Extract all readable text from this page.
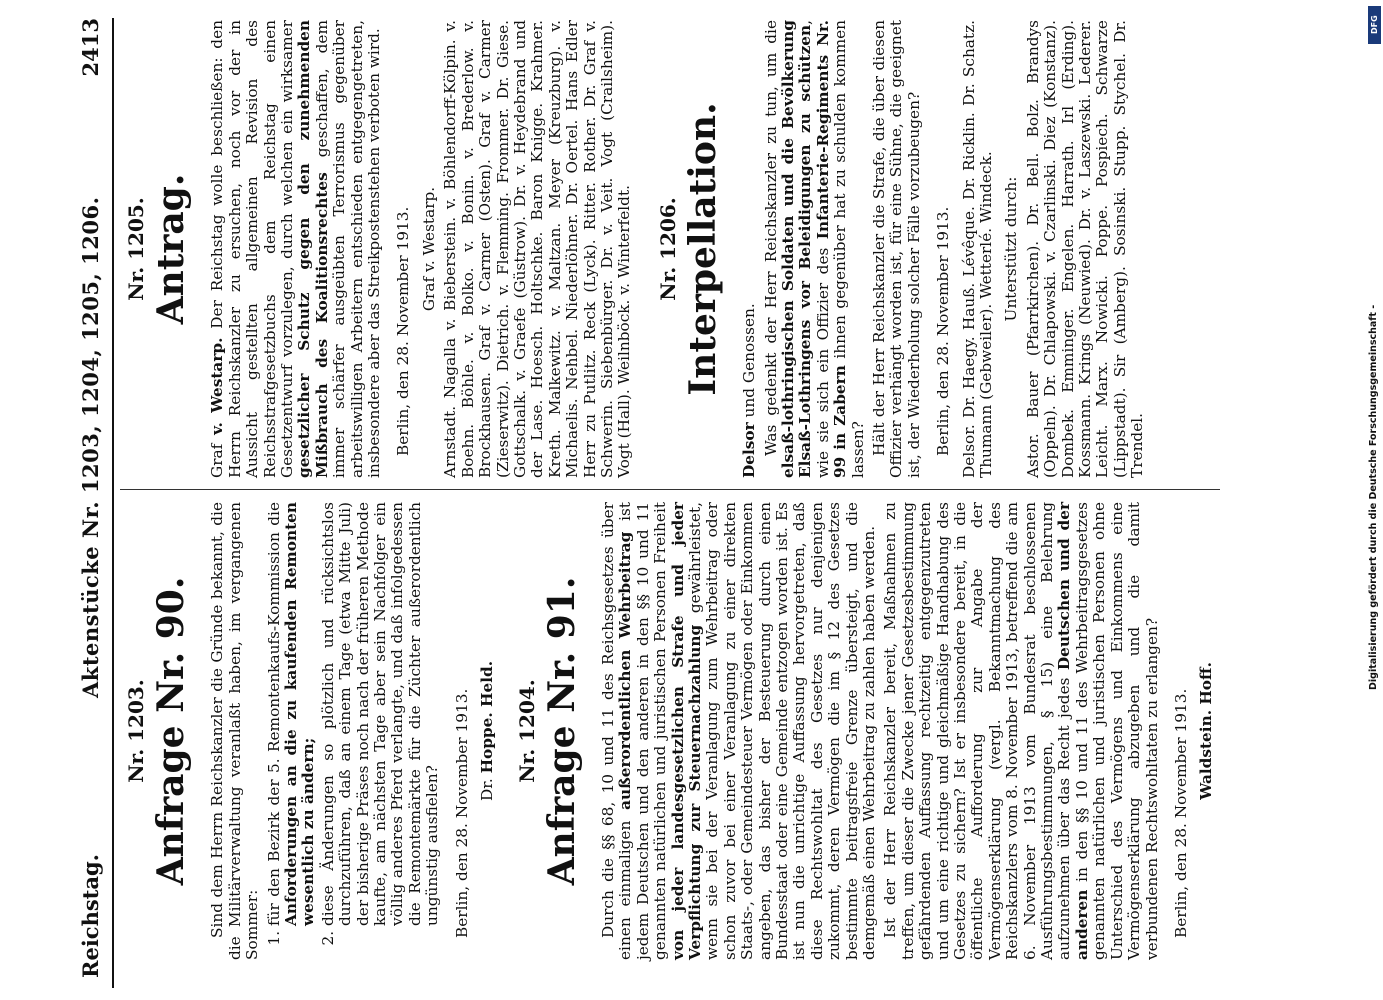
Reichstag.
Aktenstücke Nr. 1203, 1204, 1205, 1206.
2413
Nr. 1203. Anfrage Nr. 90. Sind dem Herrn Reichskanzler die Gründe bekannt, die die Militärverwaltung veranlaßt haben, im vergangenen Sommer: 1. für den Bezirk der 5. Remontenkaufs-Kommission die Anforderungen an die zu kaufenden Remonten wesentlich zu ändern; 2. diese Änderungen so plötzlich und rücksichtslos durchzuführen, daß an einem Tage (etwa Mitte Juli) der bisherige Präses noch nach der früheren Methode kaufte, am nächsten Tage aber sein Nachfolger ein völlig anderes Pferd verlangte, und daß infolgedessen die Remontemärkte für die Züchter außerordentlich ungünstig ausfielen? Berlin, den 28. November 1913. Dr. Hoppe. Held. Nr. 1204. Anfrage Nr. 91. Durch die §§ 68, 10 und 11 des Reichsgesetzes über einen einmaligen außerordentlichen Wehrbeitrag ist jedem Deutschen und den anderen in den §§ 10 und 11 genannten natürlichen und juristischen Personen Freiheit von jeder landesgesetzlichen Strafe und jeder Verpflichtung zur Steuernachzahlung gewährleistet, wenn sie bei der Veranlagung zum Wehrbeitrag oder schon zuvor bei einer Veranlagung zu einer direkten Staats-, oder Gemeindesteuer Vermögen oder Einkommen angeben, das bisher der Besteuerung durch einen Bundesstaat oder eine Gemeinde entzogen worden ist. Es ist nun die unrichtige Auffassung hervorgetreten, daß diese Rechtswohltat des Gesetzes nur denjenigen zukommt, deren Vermögen die im § 12 des Gesetzes bestimmte beitragsfreie Grenze übersteigt, und die demgemäß einen Wehrbeitrag zu zahlen haben werden. Ist der Herr Reichskanzler bereit, Maßnahmen zu treffen, um dieser die Zwecke jener Gesetzesbestimmung gefährdenden Auffassung rechtzeitig entgegenzutreten und um eine richtige und gleichmäßige Handhabung des Gesetzes zu sichern? Ist er insbesondere bereit, in die öffentliche Aufforderung zur Angabe der Vermögenserklärung (vergl. Bekanntmachung des Reichskanzlers vom 8. November 1913, betreffend die am 6. November 1913 vom Bundesrat beschlossenen Ausführungsbestimmungen, § 15) eine Belehrung aufzunehmen über das Recht jedes Deutschen und der anderen in den §§ 10 und 11 des Wehrbeitragsgesetzes genannten natürlichen und juristischen Personen ohne Unterschied des Vermögens und Einkommens eine Vermögenserklärung abzugeben und die damit verbundenen Rechtswohltaten zu erlangen? Berlin, den 28. November 1913. Waldstein. Hoff.

Nr. 1205. Antrag.

Graf v. Westarp. Der Reichstag wolle beschließen: den Herrn Reichskanzler zu ersuchen, noch vor der in Aussicht gestellten allgemeinen Revision des Reichsstrafgesetzbuchs dem Reichstag einen Gesetzentwurf vorzulegen, durch welchen ein wirksamer gesetzlicher Schutz gegen den zunehmenden Mißbrauch des Koalitionsrechtes geschaffen, dem immer schärfer ausgeübten Terrorismus gegenüber arbeitswilligen Arbeitern entschieden entgegengetreten, insbesondere aber das Streikpostenstehen verboten wird. Berlin, den 28. November 1913. Graf v. Westarp. Arnstadt. Nagalla v. Bieberstein. v. Böhlendorff-Kölpin. v. Boehn. Böhle. v. Bolko. v. Bonin. v. Brederlow. v. Brockhausen. Graf v. Carmer (Osten). Graf v. Carmer (Zieserwitz). Dietrich. v. Flemming. Frommer. Dr. Giese. Gottschalk. v. Graefe (Güstrow). Dr. v. Heydebrand und der Lase. Hoesch. Holtschke. Baron Knigge. Krahmer. Kreth. Malkewitz. v. Maltzan. Meyer (Kreuzburg). v. Michaelis. Nehbel. Niederlöhner. Dr. Oertel. Hans Edler Herr zu Putlitz. Reck (Lyck). Ritter. Rother. Dr. Graf v. Schwerin. Siebenbürger. Dr. v. Veit. Vogt (Crailsheim). Vogt (Hall). Weilnböck. v. Winterfeldt. Nr. 1206. Interpellation.

Delsor und Genossen. Was gedenkt der Herr Reichskanzler zu tun, um die elsaß-lothringischen Soldaten und die Bevölkerung Elsaß-Lothringens vor Beleidigungen zu schützen, wie sie sich ein Offizier des Infanterie-Regiments Nr. 99 in Zabern ihnen gegenüber hat zu schulden kommen lassen? Hält der Herr Reichskanzler die Strafe, die über diesen Offizier verhängt worden ist, für eine Sühne, die geeignet ist, der Wiederholung solcher Fälle vorzubeugen? Berlin, den 28. November 1913. Delsor. Dr. Haegy. Hauß. Lévêque. Dr. Ricklin. Dr. Schatz. Thumann (Gebweiler). Wetterlé. Windeck. Unterstützt durch: Astor. Bauer (Pfarrkirchen). Dr. Bell. Bolz. Brandys (Oppeln). Dr. Chlapowski. v. Czarlinski. Diez (Konstanz). Dombek. Emminger. Engelen. Harrath. Irl (Erding). Kossmann. Krings (Neuwied). Dr. v. Laszewski. Lederer. Leicht. Marx. Nowicki. Poppe. Pospiech. Schwarze (Lippstadt). Sir (Amberg). Sosinski. Stupp. Stychel. Dr. Trendel.

DFG
Digitalisierung gefördert durch die Deutsche Forschungsgemeinschaft -
